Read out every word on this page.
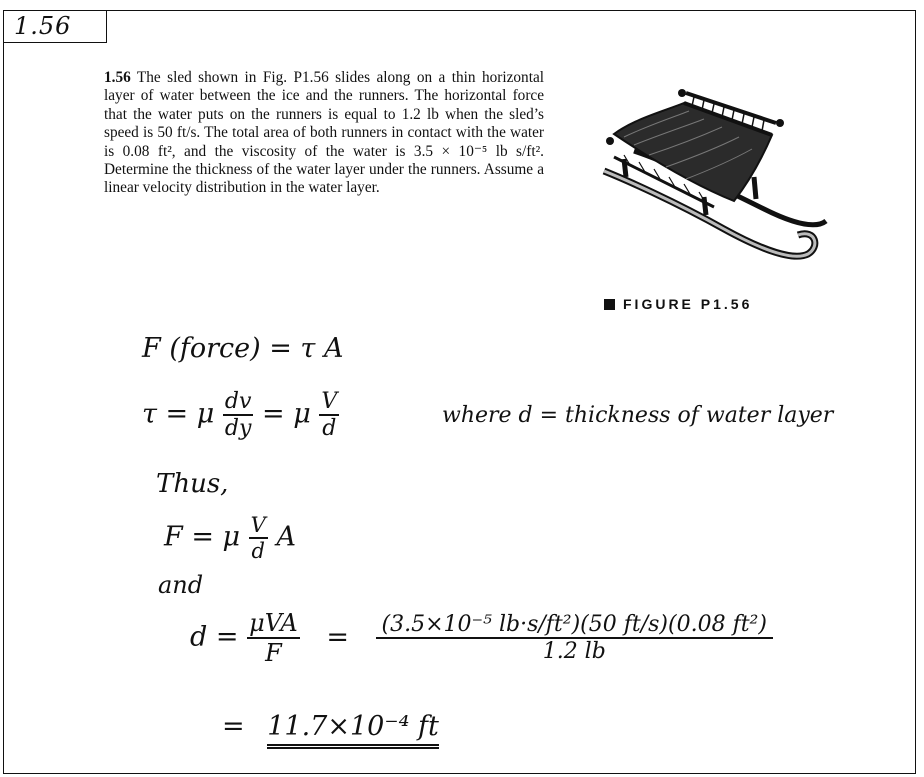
1.56
1.56 The sled shown in Fig. P1.56 slides along on a thin horizontal layer of water between the ice and the runners. The horizontal force that the water puts on the runners is equal to 1.2 lb when the sled’s speed is 50 ft/s. The total area of both runners in contact with the water is 0.08 ft², and the viscosity of the water is 3.5 × 10⁻⁵ lb s/ft². Determine the thickness of the water layer under the runners. Assume a linear velocity distribution in the water layer.
FIGURE P1.56
F (force) = τ A
τ = μ $\frac{dv}{dy} = \mu \frac{V}{d}$	where d = thickness of water layer
Thus,
F = μ $\frac{V}{d}$ A
and
$d = \frac{\text{μVA}}{F} = \frac{\text{(3.5×10⁻⁵ lb·s/ft²)(50 ft/s)(0.08 ft²)}}{1.2 lb}$
= 11.7×10⁻⁴ ft
